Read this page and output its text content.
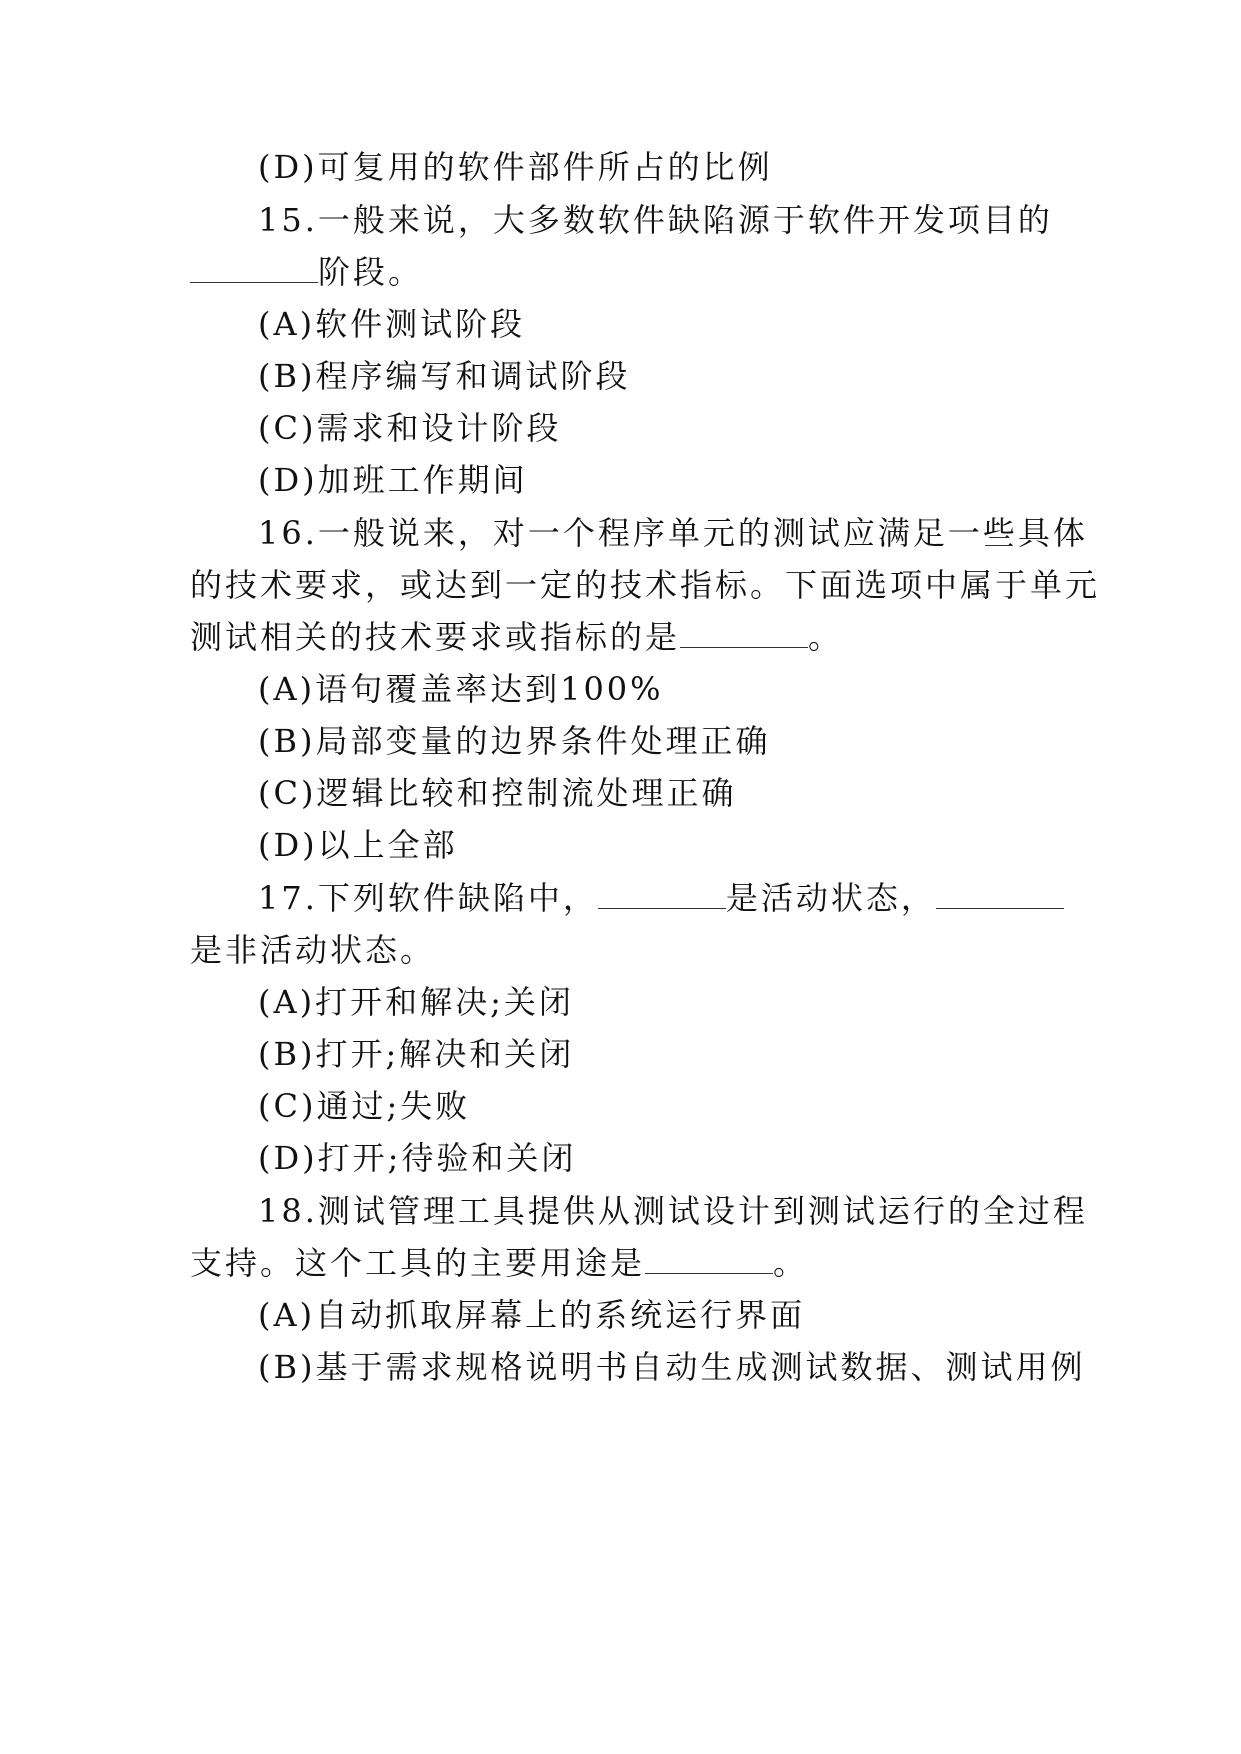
(D)可复用的软件部件所占的比例
15.一般来说，大多数软件缺陷源于软件开发项目的
阶段。
(A)软件测试阶段
(B)程序编写和调试阶段
(C)需求和设计阶段
(D)加班工作期间
16.一般说来，对一个程序单元的测试应满足一些具体
的技术要求，或达到一定的技术指标。下面选项中属于单元
测试相关的技术要求或指标的是	。
(A)语句覆盖率达到100%
(B)局部变量的边界条件处理正确
(C)逻辑比较和控制流处理正确
(D)以上全部
17.下列软件缺陷中，	是活动状态，
是非活动状态。
(A)打开和解决;关闭
(B)打开;解决和关闭
(C)通过;失败
(D)打开;待验和关闭
18.测试管理工具提供从测试设计到测试运行的全过程
支持。这个工具的主要用途是	。
(A)自动抓取屏幕上的系统运行界面
(B)基于需求规格说明书自动生成测试数据、测试用例
